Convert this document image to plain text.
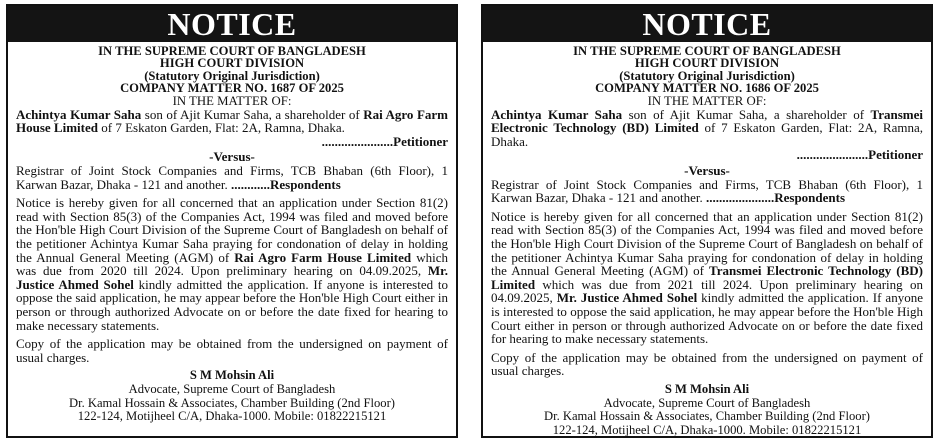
NOTICE
IN THE SUPREME COURT OF BANGLADESH
HIGH COURT DIVISION
(Statutory Original Jurisdiction)
COMPANY MATTER NO. 1687 OF 2025
IN THE MATTER OF:

Achintya Kumar Saha son of Ajit Kumar Saha, a shareholder of Rai Agro Farm House Limited of 7 Eskaton Garden, Flat: 2A, Ramna, Dhaka.

......................Petitioner
-Versus-

Registrar of Joint Stock Companies and Firms, TCB Bhaban (6th Floor), 1 Karwan Bazar, Dhaka - 121 and another. ............Respondents

Notice is hereby given for all concerned that an application under Section 81(2) read with Section 85(3) of the Companies Act, 1994 was filed and moved before the Hon'ble High Court Division of the Supreme Court of Bangladesh on behalf of the petitioner Achintya Kumar Saha praying for condonation of delay in holding the Annual General Meeting (AGM) of Rai Agro Farm House Limited which was due from 2020 till 2024. Upon preliminary hearing on 04.09.2025, Mr. Justice Ahmed Sohel kindly admitted the application. If anyone is interested to oppose the said application, he may appear before the Hon'ble High Court either in person or through authorized Advocate on or before the date fixed for hearing to make necessary statements.

Copy of the application may be obtained from the undersigned on payment of usual charges.

S M Mohsin Ali
Advocate, Supreme Court of Bangladesh
Dr. Kamal Hossain & Associates, Chamber Building (2nd Floor)
122-124, Motijheel C/A, Dhaka-1000. Mobile: 01822215121
NOTICE
IN THE SUPREME COURT OF BANGLADESH
HIGH COURT DIVISION
(Statutory Original Jurisdiction)
COMPANY MATTER NO. 1686 OF 2025
IN THE MATTER OF:

Achintya Kumar Saha son of Ajit Kumar Saha, a shareholder of Transmei Electronic Technology (BD) Limited of 7 Eskaton Garden, Flat: 2A, Ramna, Dhaka.

......................Petitioner
-Versus-

Registrar of Joint Stock Companies and Firms, TCB Bhaban (6th Floor), 1 Karwan Bazar, Dhaka - 121 and another. .....................Respondents

Notice is hereby given for all concerned that an application under Section 81(2) read with Section 85(3) of the Companies Act, 1994 was filed and moved before the Hon'ble High Court Division of the Supreme Court of Bangladesh on behalf of the petitioner Achintya Kumar Saha praying for condonation of delay in holding the Annual General Meeting (AGM) of Transmei Electronic Technology (BD) Limited which was due from 2021 till 2024. Upon preliminary hearing on 04.09.2025, Mr. Justice Ahmed Sohel kindly admitted the application. If anyone is interested to oppose the said application, he may appear before the Hon'ble High Court either in person or through authorized Advocate on or before the date fixed for hearing to make necessary statements.

Copy of the application may be obtained from the undersigned on payment of usual charges.

S M Mohsin Ali
Advocate, Supreme Court of Bangladesh
Dr. Kamal Hossain & Associates, Chamber Building (2nd Floor)
122-124, Motijheel C/A, Dhaka-1000. Mobile: 01822215121
